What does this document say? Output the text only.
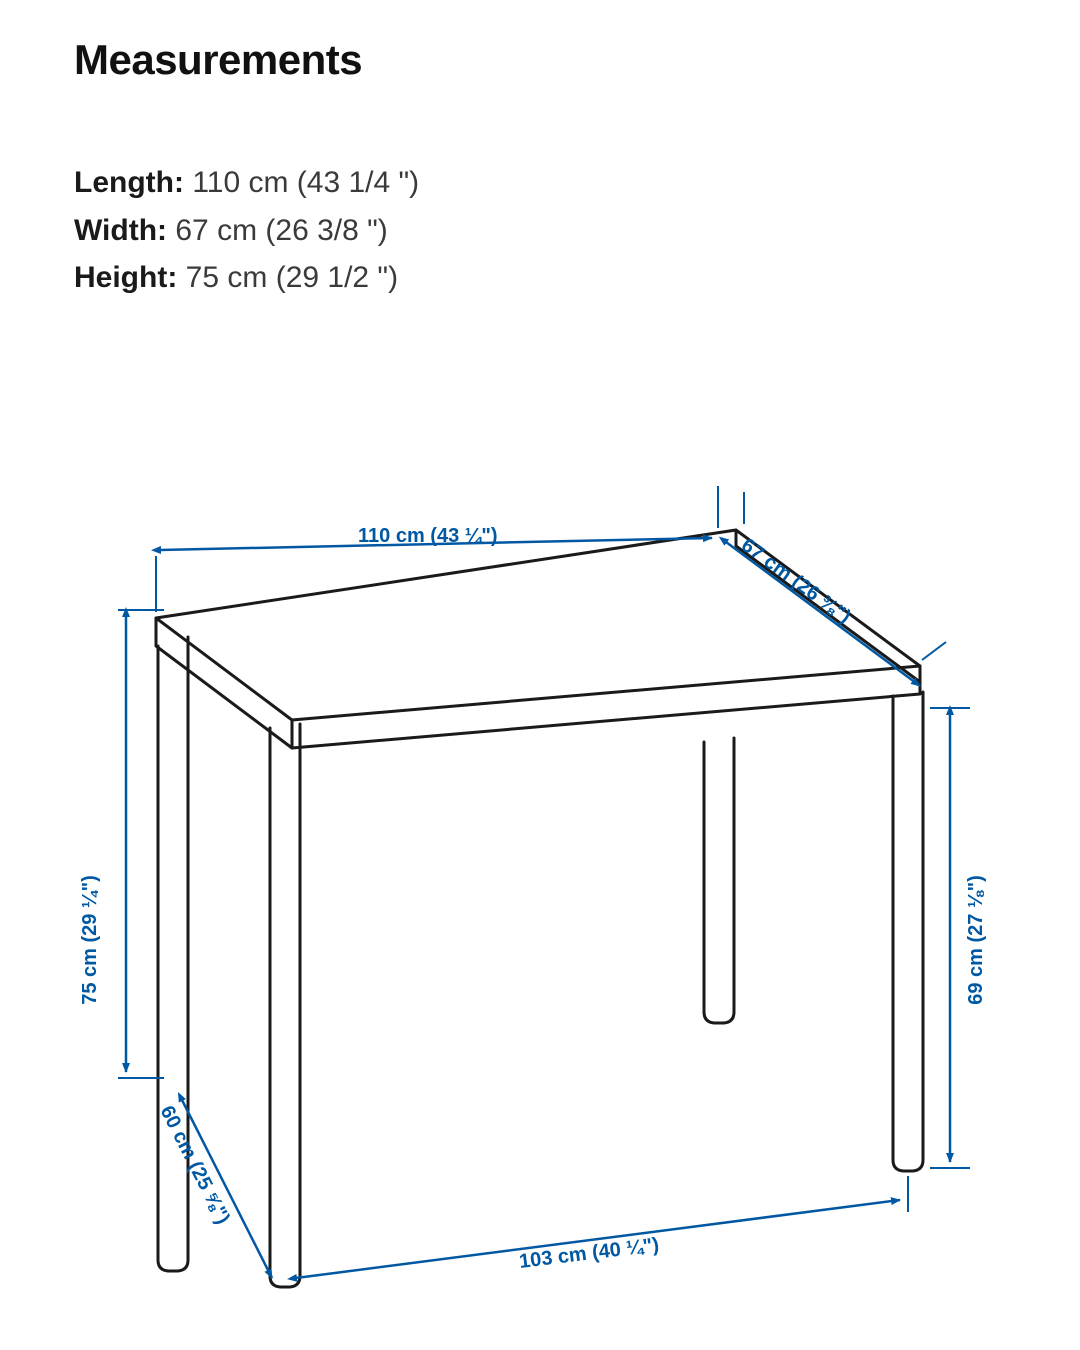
Measurements
Length: 110 cm (43 1/4 ")
Width: 67 cm (26 3/8 ")
Height: 75 cm (29 1/2 ")
110 cm (43 ¼")	67 cm (26 ⅜")
75 cm (29 ¼")	69 cm (27 ⅛")
60 cm (25 ⅝")
103 cm (40 ¼")
